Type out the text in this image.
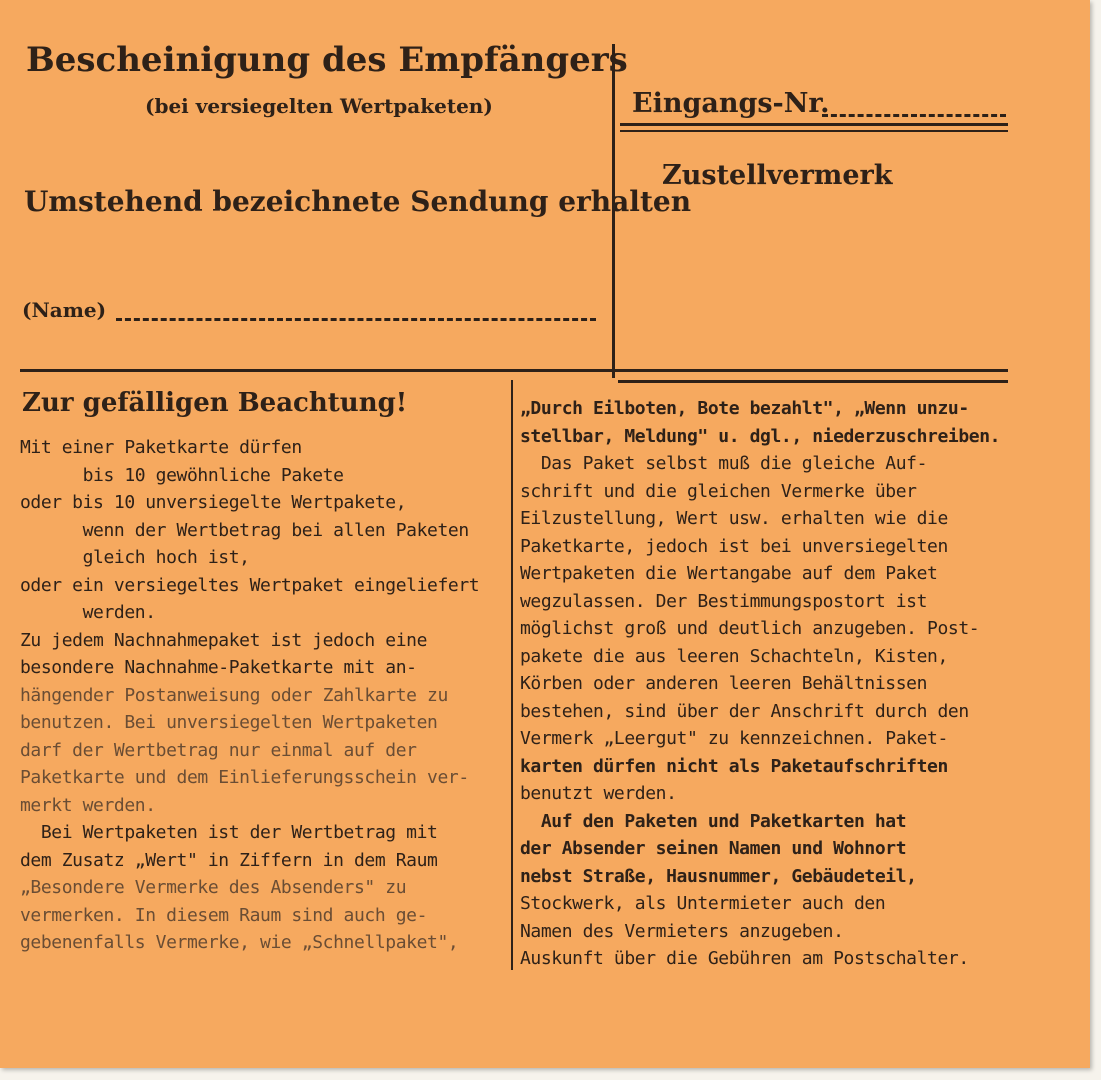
Bescheinigung des Empfängers
(bei versiegelten Wertpaketen)
Umstehend bezeichnete Sendung erhalten
(Name)
Eingangs-Nr.
Zustellvermerk
Zur gefälligen Beachtung!
Mit einer Paketkarte dürfen
bis 10 gewöhnliche Pakete
oder bis 10 unversiegelte Wertpakete,
wenn der Wertbetrag bei allen Paketen
gleich hoch ist,
oder ein versiegeltes Wertpaket eingeliefert
werden.
Zu jedem Nachnahmepaket ist jedoch eine
besondere Nachnahme-Paketkarte mit an-
hängender Postanweisung oder Zahlkarte zu
benutzen. Bei unversiegelten Wertpaketen
darf der Wertbetrag nur einmal auf der
Paketkarte und dem Einlieferungsschein ver-
merkt werden.
Bei Wertpaketen ist der Wertbetrag mit
dem Zusatz „Wert" in Ziffern in dem Raum
„Besondere Vermerke des Absenders" zu
vermerken. In diesem Raum sind auch ge-
gebenenfalls Vermerke, wie „Schnellpaket",
„Durch Eilboten, Bote bezahlt", „Wenn unzu-
stellbar, Meldung" u. dgl., niederzuschreiben.
Das Paket selbst muß die gleiche Auf-
schrift und die gleichen Vermerke über
Eilzustellung, Wert usw. erhalten wie die
Paketkarte, jedoch ist bei unversiegelten
Wertpaketen die Wertangabe auf dem Paket
wegzulassen. Der Bestimmungspostort ist
möglichst groß und deutlich anzugeben. Post-
pakete die aus leeren Schachteln, Kisten,
Körben oder anderen leeren Behältnissen
bestehen, sind über der Anschrift durch den
Vermerk „Leergut" zu kennzeichnen. Paket-
karten dürfen nicht als Paketaufschriften
benutzt werden.
Auf den Paketen und Paketkarten hat
der Absender seinen Namen und Wohnort
nebst Straße, Hausnummer, Gebäudeteil,
Stockwerk, als Untermieter auch den
Namen des Vermieters anzugeben.
Auskunft über die Gebühren am Postschalter.
